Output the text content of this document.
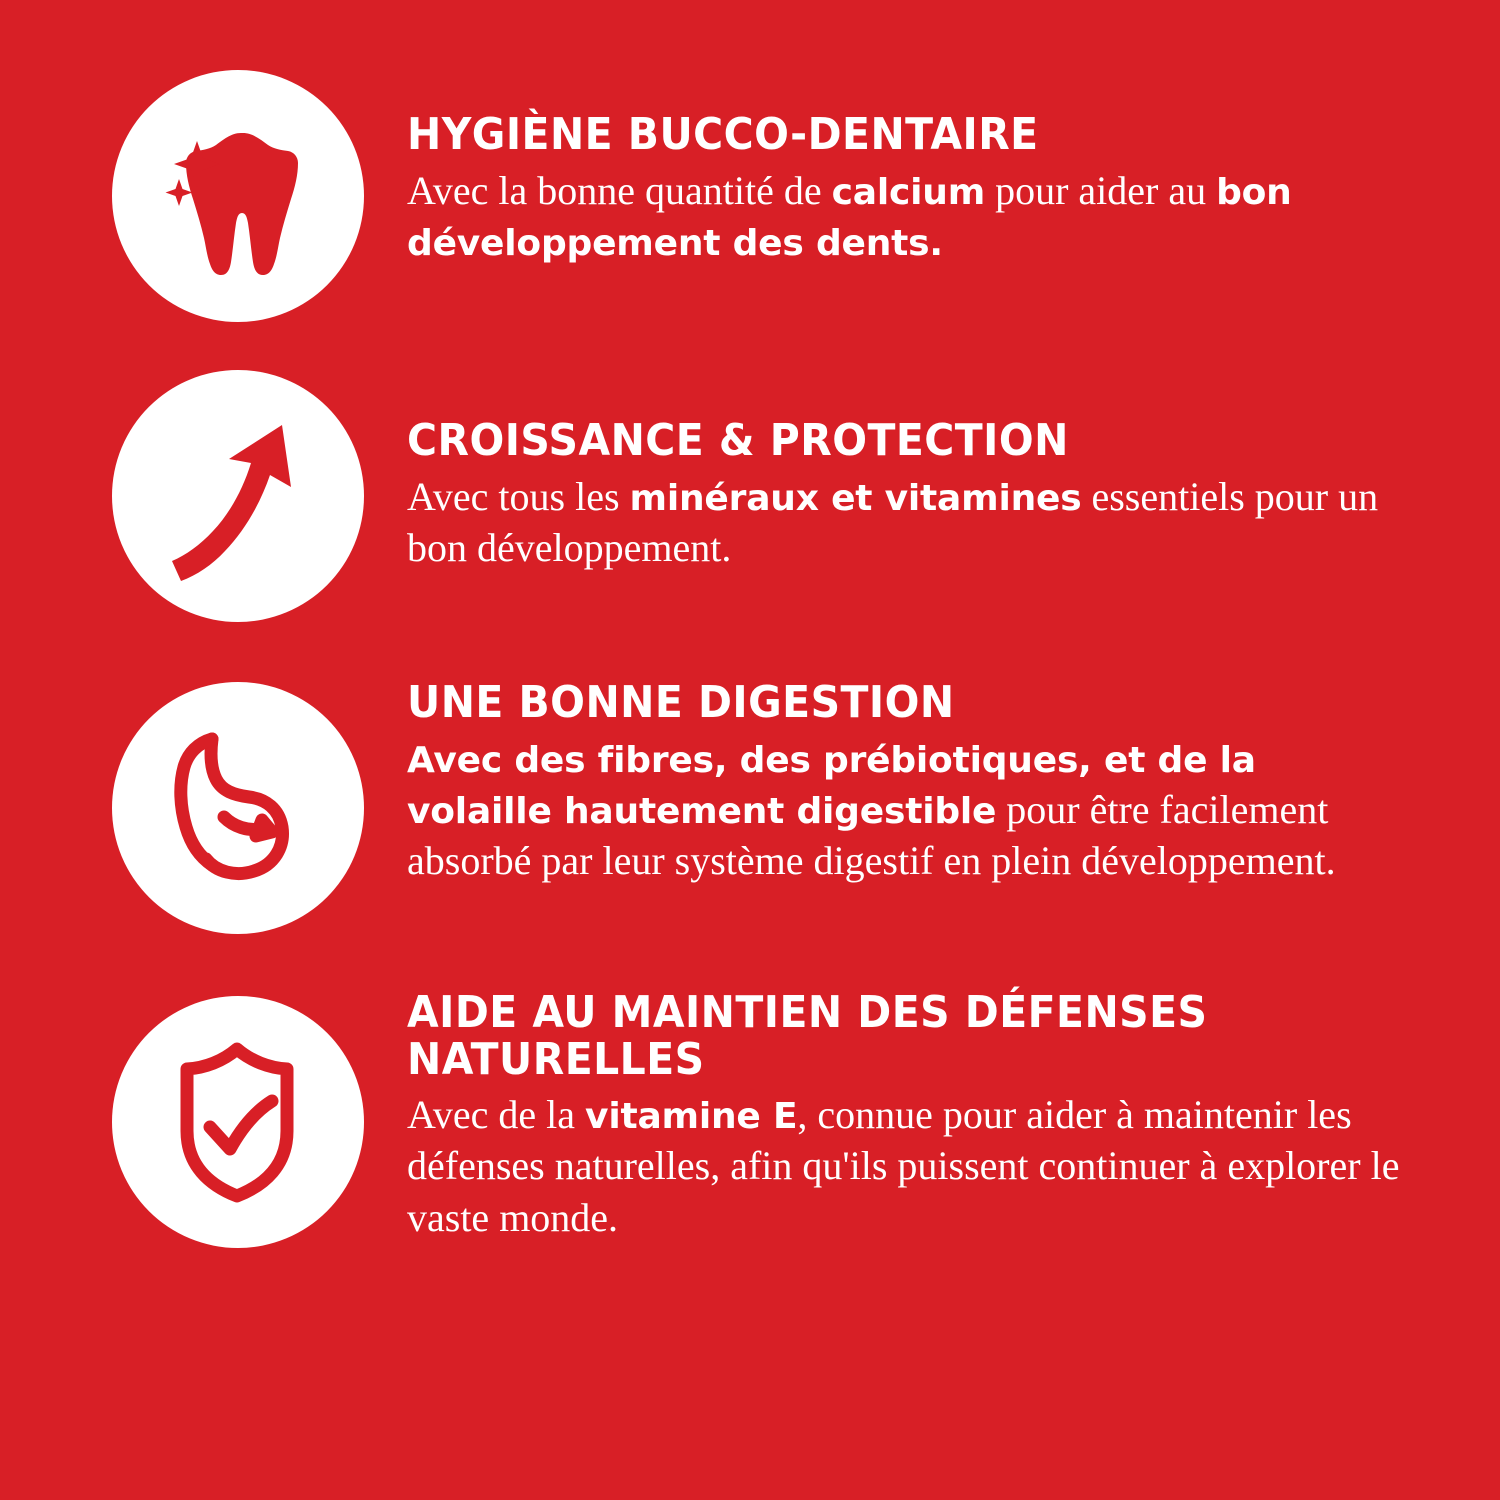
HYGIÈNE BUCCO-DENTAIRE

Avec la bonne quantité de calcium pour aider au bon développement des dents.

CROISSANCE & PROTECTION

Avec tous les minéraux et vitamines essentiels pour un bon développement.

UNE BONNE DIGESTION

Avec des fibres, des prébiotiques, et de la volaille hautement digestible pour être facilement absorbé par leur système digestif en plein développement.

AIDE AU MAINTIEN DES DÉFENSES NATURELLES

Avec de la vitamine E, connue pour aider à maintenir les défenses naturelles, afin qu'ils puissent continuer à explorer le vaste monde.
